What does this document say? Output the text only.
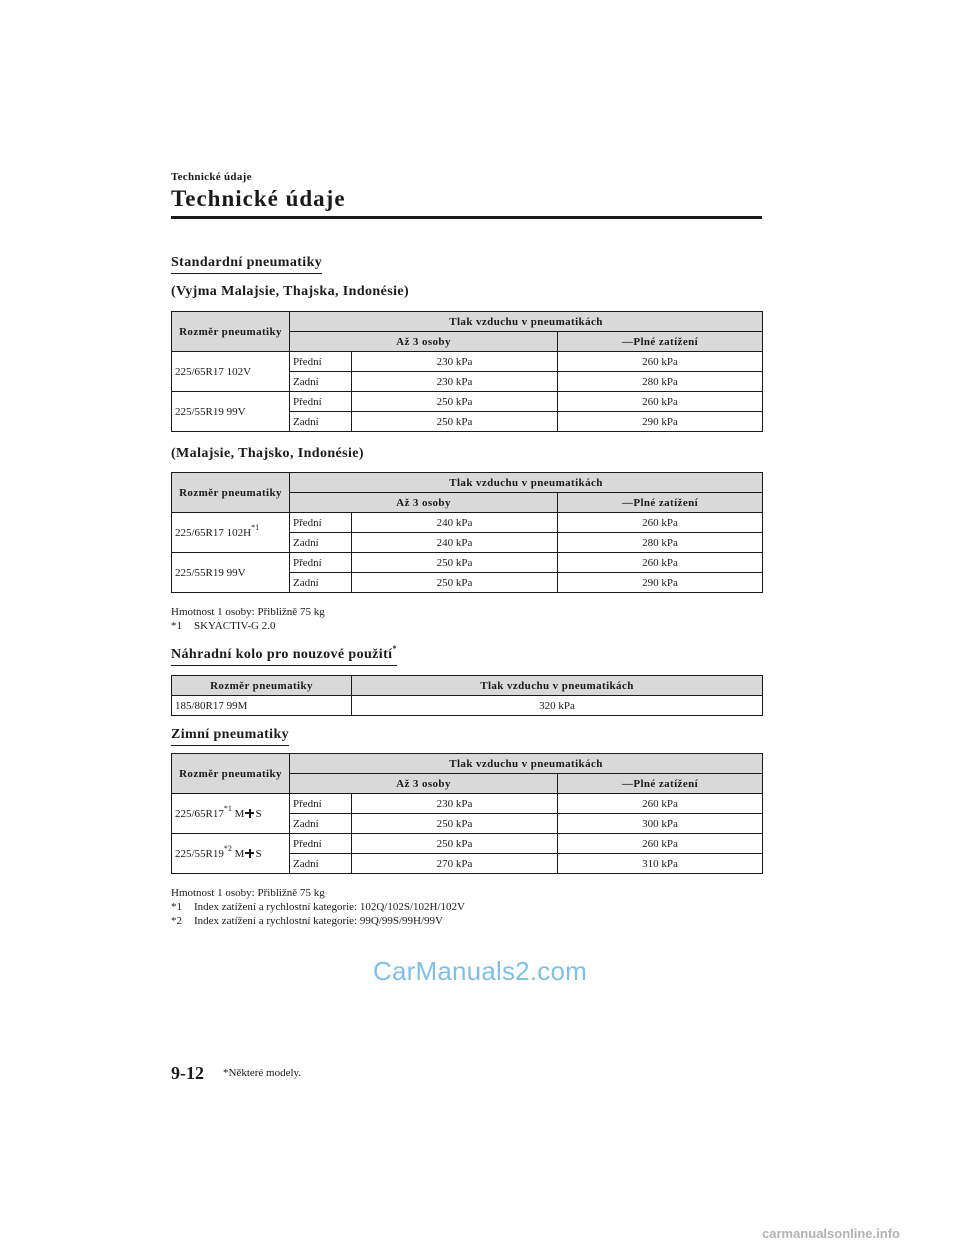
Technické údaje
Technické údaje
Standardní pneumatiky
(Vyjma Malajsie, Thajska, Indonésie)
Rozměr pneumatiky	Tlak vzduchu v pneumatikách		
	Až 3 osoby		—Plné zatížení
225/65R17 102V	Přední	230 kPa	260 kPa
	Zadní	230 kPa	280 kPa
225/55R19 99V	Přední	250 kPa	260 kPa
	Zadní	250 kPa	290 kPa
(Malajsie, Thajsko, Indonésie)
Rozměr pneumatiky	Tlak vzduchu v pneumatikách		
	Až 3 osoby		—Plné zatížení
225/65R17 $102H^{*1}$	Přední	240 kPa	260 kPa
	Zadní	240 kPa	280 kPa
225/55R19 99V	Přední	250 kPa	260 kPa
	Zadní	250 kPa	290 kPa
Hmotnost 1 osoby: Přibližně 75 kg
*1 SKYACTIV-G 2.0
Náhradní kolo pro nouzové použití*
Rozměr pneumatiky	Tlak vzduchu v pneumatikách
185/80R17 99M	320 kPa
Zimní pneumatiky
Rozměr pneumatiky	Tlak vzduchu v pneumatikách		
	Až 3 osoby		—Plné zatížení
225/65R17$^{*1}$ M S	Přední	230 kPa	260 kPa
	Zadní	250 kPa	300 kPa
225/55R19$^{*2}$ M S	Přední	250 kPa	260 kPa
	Zadní	270 kPa	310 kPa
Hmotnost 1 osoby: Přibližně 75 kg
*1 Index zatížení a rychlostní kategorie: 102Q/102S/102H/102V
*2 Index zatížení a rychlostní kategorie: 99Q/99S/99H/99V
CarManuals2.com
9-12 *Některé modely.
carmanualsonline.info
